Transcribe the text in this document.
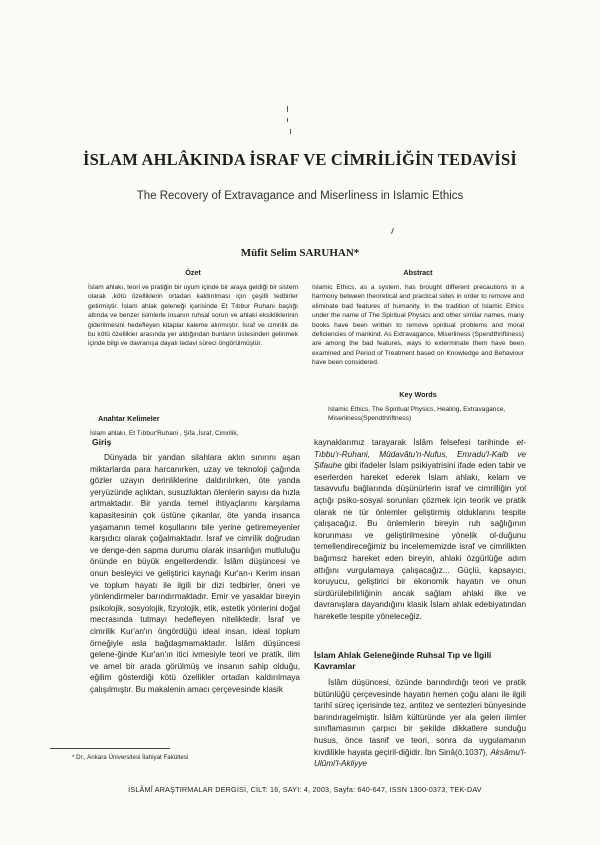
İSLAM AHLÂKINDA İSRAF VE CİMRİLİĞİN TEDAVİSİ
The Recovery of Extravagance and Miserliness in Islamic Ethics
Müfit Selim SARUHAN*

Özet

İslam ahlakı, teori ve pratiğin bir uyum içinde bir araya geldiği bir sistem olarak ,kötü özelliklerin ortadan kaldırılması için çeşitli tedbirler getirmiştir. İslam ahlak geleneği içerisinde Et Tıbbur Ruhani başlığı altında ve benzer isimlerle insanın ruhsal sorun ve ahlaki eksikliklerinin giderilmesini hedefleyen kitaplar kaleme alınmıştır. İsraf ve cimrilik de bu kötü özellikler arasında yer aldığından bunların üstesinden gelinmek içinde bilgi ve davranışa dayalı tedavi süreci öngörülmüştür.

Abstract

Islamic Ethics, as a system, has brought different precautions in a harmony between theoretical and practical sides in order to remove and eliminate bad features of humanity. In the tradition of Islamic Ethics under the name of The Spiritual Physics and other similar names, many books have been written to remove spiritual problems and moral deficiencies of mankind. As Extravagance, Miserliness (Spendthriftiness) are among the bad features, ways to exterminate them have been examined and Period of Treatment based on Knowledge and Behaviour have been considered.

Key Words

Islamic Ethics, The Spiritual Physics, Healing, Extravagance, Miserliness(Spendthriftness)

Anahtar Kelimeler

İslam ahlakı, Et Tıbbur'Ruhani , Şifa ,İsraf, Cimrilik,

Giriş

Dünyada bir yandan silahlara aklın sınırını aşan miktarlarda para harcanırken, uzay ve teknoloji çağında gözler uzayın derinliklerine daldırılırken, öte yanda yeryüzünde açlıktan, susuzluktan ölenlerin sayısı da hızla artmaktadır. Bir yanda temel ihtiyaçlarını karşılama kapasitesinin çok üstüne çıkanlar, öte yanda insanca yaşamanın temel koşullarını bile yerine getiremeyenler karşıdıcı olarak çoğalmaktadır. İsraf ve cimrilik doğrudan ve denge-den sapma durumu olarak insanlığın mutluluğu önünde en büyük engellerdendir. İslâm düşüncesi ve onun besleyici ve geliştirici kaynağı Kur'an-ı Kerim insan ve toplum hayatı ile ilgili bir dizi tedbirler, öneri ve yönlendirmeler barındırmaktadır. Emir ve yasaklar bireyin psikolojik, sosyolojik, fizyolojik, etik, estetik yönlerini doğal mecrasında tutmayı hedefleyen niteliktedir. İsraf ve cimrilik Kur'an'ın öngördüğü ideal insan, ideal toplum örneğiyle asla bağdaşmamaktadır. İslâm düşüncesi gelene-ğinde Kur'an'ın itici ivmesiyle teori ve pratik, ilim ve amel bir arada görülmüş ve insanın sahip olduğu, eğilim gösterdiği kötü özellikler ortadan kaldırılmaya çalışılmıştır. Bu makalenin amacı çerçevesinde klasik

kaynaklarımız tarayarak İslâm felsefesi tarihinde et-Tıbbu'r-Ruhani, Müdavâtu'n-Nufus, Emradu'l-Kalb ve Şifauhe gibi ifadeler İslam psikiyatrisini ifade eden tabir ve eserlerden hareket ederek İslam ahlakı, kelam ve tasavvufu bağlarında düşünürlerin israf ve cimrilliğin yol açtığı psiko-sosyal sorunları çözmek için teorik ve pratik olarak ne tür önlemler geliştirmiş olduklarını tespite çalışacağız. Bu önlemlerin bireyin ruh sağlığının korunması ve geliştirilmesine yönelik ol-duğunu temellendireceğimiz bu incelememizde israf ve cimrilikten bağımsız hareket eden bireyin, ahlaki özgürlüğe adım attığını vurgulamaya çalışacağız... Güçlü, kapsayıcı, koruyucu, geliştirici bir ekonomik hayatın ve onun sürdürülebilirliğinin ancak sağlam ahlaki ilke ve davranışlara dayandığını klasik İslam ahlak edebiyatından hareketle tespite yöneleceğiz.

İslam Ahlak Geleneğinde Ruhsal Tıp ve İlgili Kavramlar

İslâm düşüncesi, özünde barındırdığı teori ve pratik bütünlüğü çerçevesinde hayatın hemen çoğu alanı ile ilgili tarihî süreç içerisinde tez, antitez ve sentezleri bünyesinde barındıragelmiştir. İslâm kültüründe yer ala gelen ilimler sınıflamasının çarpıcı bir şekilde dikkatlere sunduğu husus, önce tasnif ve teori, sonra da uygulamanın kıvdilikle hayata geçiril-diğidir. İbn Sinâ(ö.1037), Aksâmu'l-Ulûmi'l-Akliyye

* Dr., Ankara Üniversitesi İlahiyat Fakültesi
İSLÂMÎ ARAŞTIRMALAR DERGİSİ, CİLT: 16, SAYI: 4, 2003, Sayfa: 640-647, ISSN 1300-0373, TEK-DAV
